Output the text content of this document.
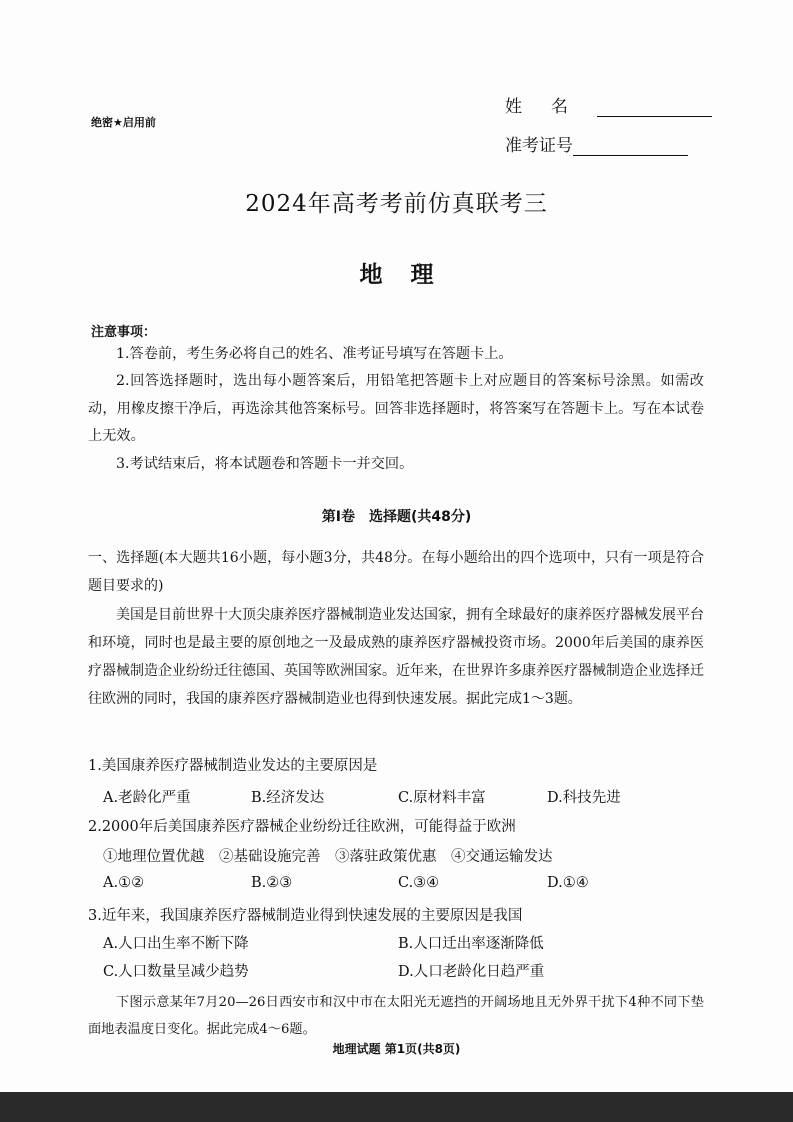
绝密★启用前
姓名
准考证号
2024年高考考前仿真联考三
地理
注意事项：
1.答卷前，考生务必将自己的姓名、准考证号填写在答题卡上。
2.回答选择题时，选出每小题答案后，用铅笔把答题卡上对应题目的答案标号涂黑。如需改动，用橡皮擦干净后，再选涂其他答案标号。回答非选择题时，将答案写在答题卡上。写在本试卷上无效。
3.考试结束后，将本试题卷和答题卡一并交回。
第Ⅰ卷　选择题(共48分)
一、选择题(本大题共16小题，每小题3分，共48分。在每小题给出的四个选项中，只有一项是符合题目要求的)
美国是目前世界十大顶尖康养医疗器械制造业发达国家，拥有全球最好的康养医疗器械发展平台和环境，同时也是最主要的原创地之一及最成熟的康养医疗器械投资市场。2000年后美国的康养医疗器械制造企业纷纷迁往德国、英国等欧洲国家。近年来，在世界许多康养医疗器械制造企业选择迁往欧洲的同时，我国的康养医疗器械制造业也得到快速发展。据此完成1～3题。
1.美国康养医疗器械制造业发达的主要原因是
A.老龄化严重	B.经济发达	C.原材料丰富	D.科技先进
2.2000年后美国康养医疗器械企业纷纷迁往欧洲，可能得益于欧洲
①地理位置优越　②基础设施完善　③落驻政策优惠　④交通运输发达
A.①②	B.②③	C.③④	D.①④
3.近年来，我国康养医疗器械制造业得到快速发展的主要原因是我国
A.人口出生率不断下降	B.人口迁出率逐渐降低
C.人口数量呈减少趋势	D.人口老龄化日趋严重
下图示意某年7月20—26日西安市和汉中市在太阳光无遮挡的开阔场地且无外界干扰下4种不同下垫面地表温度日变化。据此完成4～6题。
地理试题 第1页(共8页)
